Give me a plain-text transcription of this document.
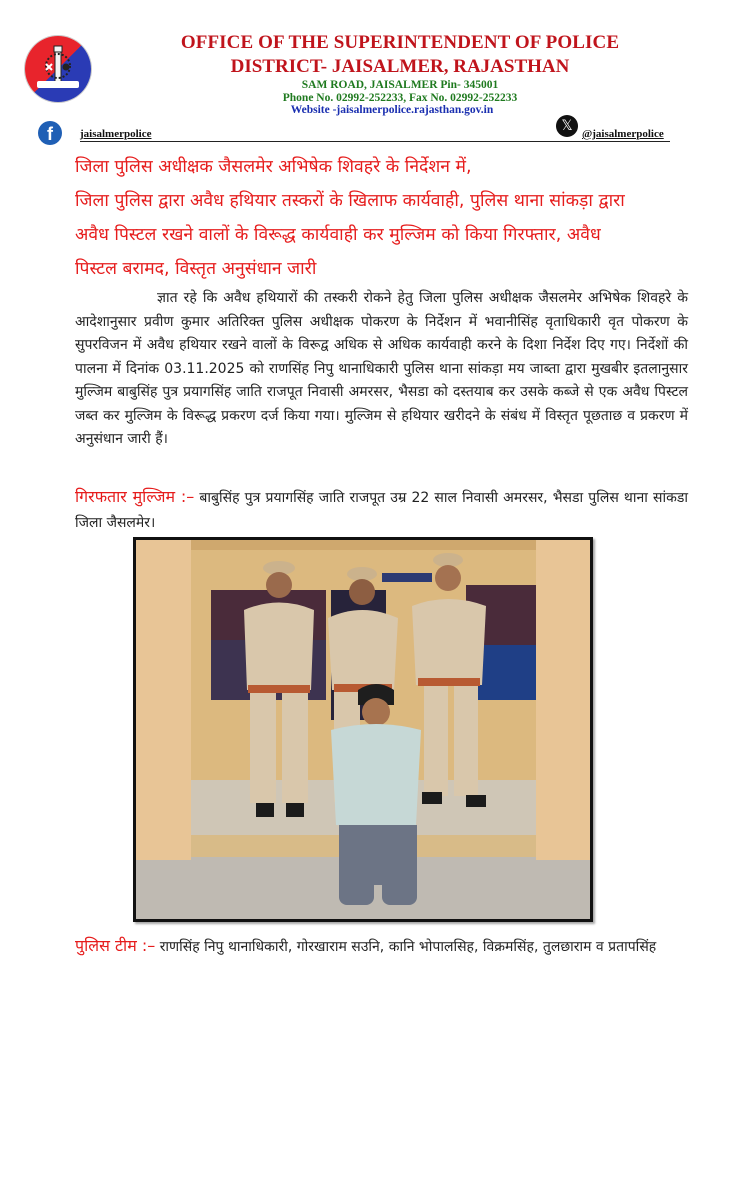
OFFICE OF THE SUPERINTENDENT OF POLICE
DISTRICT- JAISALMER, RAJASTHAN
SAM ROAD, JAISALMER Pin- 345001
Phone No. 02992-252233, Fax No. 02992-252233
Website -jaisalmerpolice.rajasthan.gov.in
f	jaisalmerpolice	𝕏 @jaisalmerpolice
जिला पुलिस अधीक्षक जैसलमेर अभिषेक शिवहरे के निर्देशन में,
जिला पुलिस द्वारा अवैध हथियार तस्करों के खिलाफ कार्यवाही, पुलिस थाना सांकड़ा द्वारा
अवैध पिस्टल रखने वालों के विरूद्ध कार्यवाही कर मुल्जिम को किया गिरफ्तार, अवैध
पिस्टल बरामद, विस्तृत अनुसंधान जारी
ज्ञात रहे कि अवैध हथियारों की तस्करी रोकने हेतु जिला पुलिस अधीक्षक जैसलमेर अभिषेक शिवहरे के आदेशानुसार प्रवीण कुमार अतिरिक्त पुलिस अधीक्षक पोकरण के निर्देशन में भवानीसिंह वृताधिकारी वृत पोकरण के सुपरविजन में अवैध हथियार रखने वालों के विरूद्व अधिक से अधिक कार्यवाही करने के दिशा निर्देश दिए गए। निर्देशों की पालना में दिनांक 03.11.2025 को राणसिंह निपु थानाधिकारी पुलिस थाना सांकड़ा मय जाब्ता द्वारा मुखबीर इतलानुसार मुल्जिम बाबुसिंह पुत्र प्रयागसिंह जाति राजपूत निवासी अमरसर, भैसडा को दस्तयाब कर उसके कब्जे से एक अवैध पिस्टल जब्त कर मुल्जिम के विरूद्ध प्रकरण दर्ज किया गया। मुल्जिम से हथियार खरीदने के संबंध में विस्तृत पूछताछ व प्रकरण में अनुसंधान जारी हैं।
गिरफतार मुल्जिम :– बाबुसिंह पुत्र प्रयागसिंह जाति राजपूत उम्र 22 साल निवासी अमरसर, भैसडा पुलिस थाना सांकडा जिला जैसलमेर।
पुलिस टीम :– राणसिंह निपु थानाधिकारी, गोरखाराम सउनि, कानि भोपालसिह, विक्रमसिंह, तुलछाराम व प्रतापसिंह
